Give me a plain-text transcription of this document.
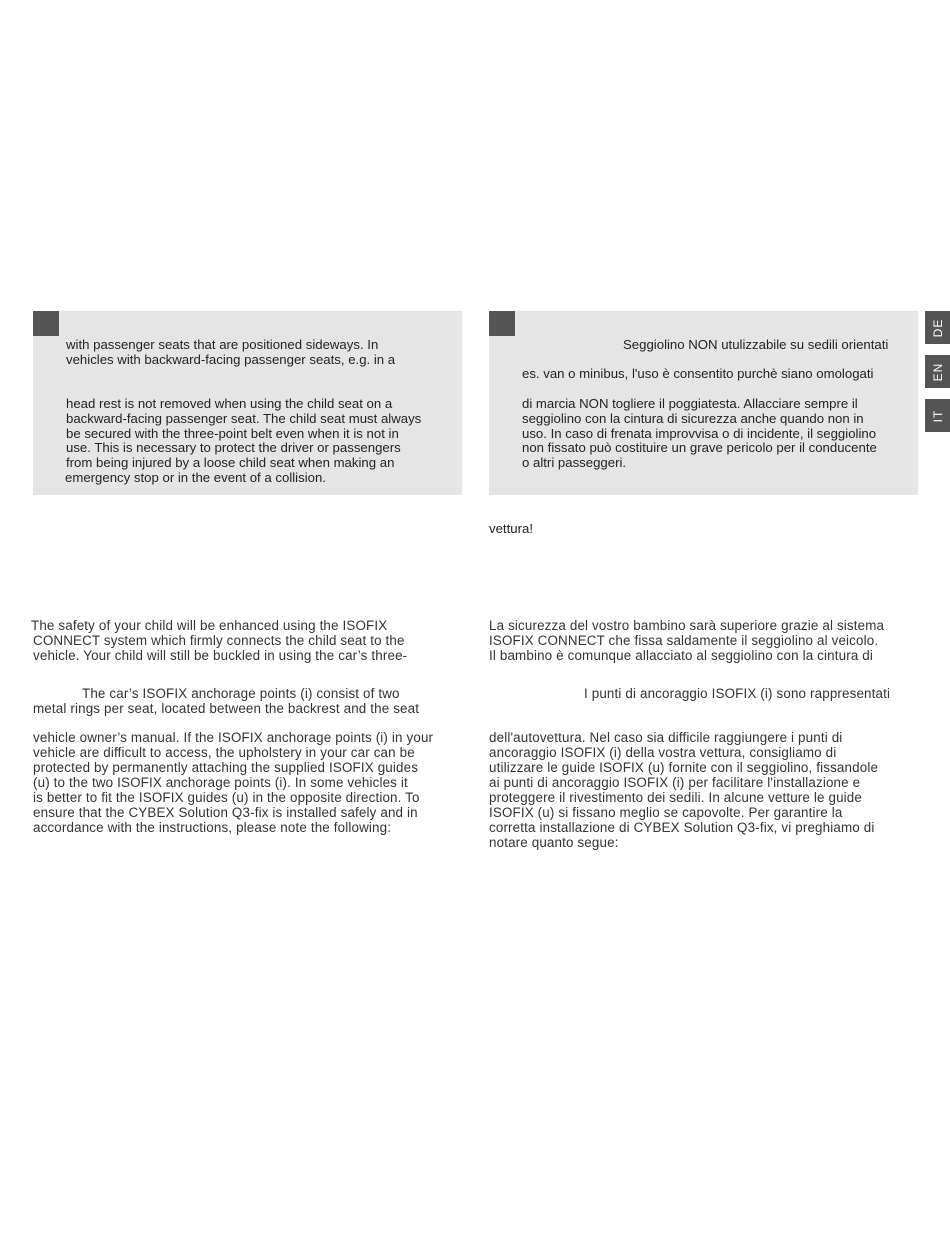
DE
EN
IT
with passenger seats that are positioned sideways. In
vehicles with backward-facing passenger seats, e.g. in a
head rest is not removed when using the child seat on a
backward-facing passenger seat. The child seat must always
be secured with the three-point belt even when it is not in
use. This is necessary to protect the driver or passengers
from being injured by a loose child seat when making an
emergency stop or in the event of a collision.
Seggiolino NON utulizzabile su sedili orientati
es. van o minibus, l'uso è consentito purchè siano omologati
di marcia NON togliere il poggiatesta. Allacciare sempre il
seggiolino con la cintura di sicurezza anche quando non in
uso. In caso di frenata improvvisa o di incidente, il seggiolino
non fissato può costituire un grave pericolo per il conducente
o altri passeggeri.
vettura!
The safety of your child will be enhanced using the ISOFIX
CONNECT system which firmly connects the child seat to the
vehicle. Your child will still be buckled in using the car’s three-
The car’s ISOFIX anchorage points (i) consist of two
metal rings per seat, located between the backrest and the seat
vehicle owner’s manual. If the ISOFIX anchorage points (i) in your
vehicle are difficult to access, the upholstery in your car can be
protected by permanently attaching the supplied ISOFIX guides
(u) to the two ISOFIX anchorage points (i). In some vehicles it
is better to fit the ISOFIX guides (u) in the opposite direction. To
ensure that the CYBEX Solution Q3-fix is installed safely and in
accordance with the instructions, please note the following:
La sicurezza del vostro bambino sarà superiore grazie al sistema
ISOFIX CONNECT che fissa saldamente il seggiolino al veicolo.
Il bambino è comunque allacciato al seggiolino con la cintura di
I punti di ancoraggio ISOFIX (i) sono rappresentati
dell'autovettura. Nel caso sia difficile raggiungere i punti di
ancoraggio ISOFIX (i) della vostra vettura, consigliamo di
utilizzare le guide ISOFIX (u) fornite con il seggiolino, fissandole
ai punti di ancoraggio ISOFIX (i) per facilitare l'installazione e
proteggere il rivestimento dei sedili. In alcune vetture le guide
ISOFIX (u) si fissano meglio se capovolte. Per garantire la
corretta installazione di CYBEX Solution Q3-fix, vi preghiamo di
notare quanto segue:
